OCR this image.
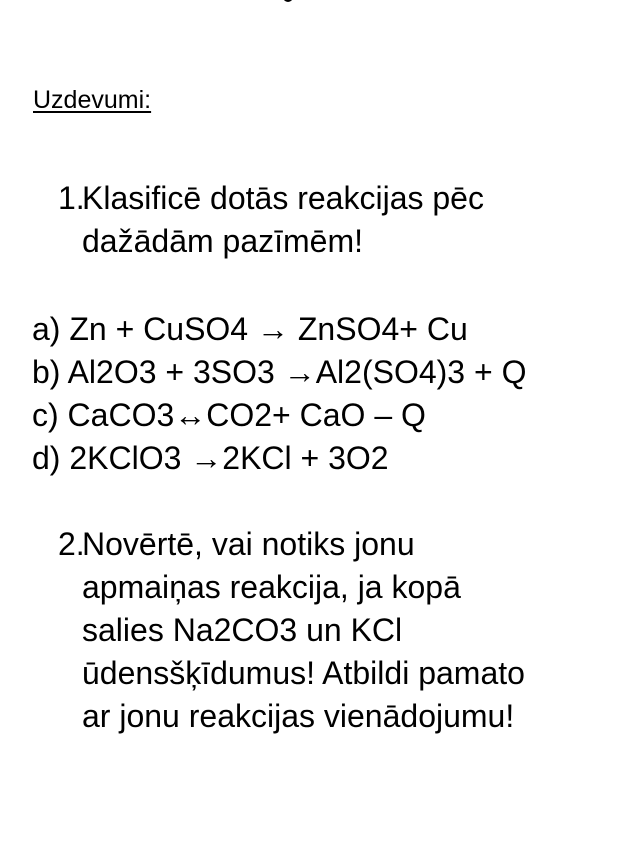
Uzdevumi:
1.
Klasificē dotās reakcijas pēc
dažādām pazīmēm!
a) Zn + CuSO4 → ZnSO4+ Cu
b) Al2O3 + 3SO3 →Al2(SO4)3 + Q
c) CaCO3↔CO2+ CaO – Q
d) 2KClO3 →2KCl + 3O2
2.
Novērtē, vai notiks jonu
apmaiņas reakcija, ja kopā
salies Na2CO3 un KCl
ūdensšķīdumus! Atbildi pamato
ar jonu reakcijas vienādojumu!
